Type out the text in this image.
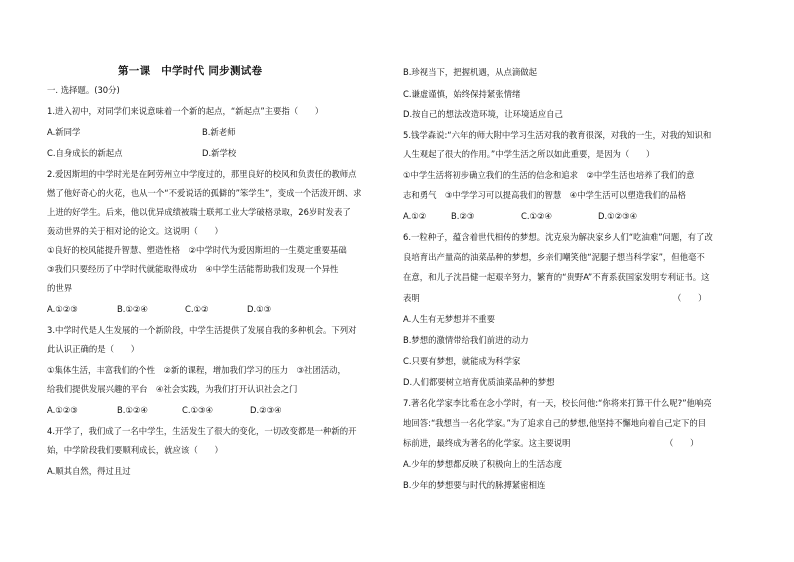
第一课　中学时代 同步测试卷
一. 选择题。(30分)
1.进入初中，对同学们来说意味着一个新的起点，“新起点”主要指（　　）
A.新同学	B.新老师
C.自身成长的新起点	D.新学校
2.爱因斯坦的中学时光是在阿劳州立中学度过的，那里良好的校风和负责任的教师点
燃了他好奇心的火花，也从一个“不爱说话的孤僻的”笨学生”，变成一个活泼开朗、求
上进的好学生。后来，他以优异成绩被瑞士联邦工业大学破格录取，26岁时发表了
轰动世界的关于相对论的论文。这说明（　　）
①良好的校风能提升智慧、塑造性格　②中学时代为爱因斯坦的一生奠定重要基础
③我们只要经历了中学时代就能取得成功　④中学生活能帮助我们发现一个异性
的世界
A.①②③	B.①②④	C.①②	D.①③
3.中学时代是人生发展的一个新阶段，中学生活提供了发展自我的多种机会。下列对
此认识正确的是（　　）
①集体生活，丰富我们的个性　②新的课程，增加我们学习的压力　③社团活动，
给我们提供发展兴趣的平台　④社会实践，为我们打开认识社会之门
A.①②③	B.①②④	C.①③④	D.②③④
4.开学了，我们成了一名中学生，生活发生了很大的变化，一切改变都是一种新的开
始，中学阶段我们要顺利成长，就应该（　　）
A.顺其自然，得过且过
B.珍视当下，把握机遇，从点滴做起
C.谦虚谨慎，始终保持紧张情绪
D.按自己的想法改造环境，让环境适应自己
5.钱学森说:“六年的师大附中学习生活对我的教育很深，对我的一生，对我的知识和
人生观起了很大的作用。”中学生活之所以如此重要，是因为（　　）
①中学生活将初步确立我们的生活的信念和追求　②中学生活也培养了我们的意
志和勇气　③中学学习可以提高我们的智慧　④中学生活可以塑造我们的品格
A.①②	B.②③	C.①②④	D.①②③④
6.一粒种子，蕴含着世代相传的梦想。沈克泉为解决家乡人们“吃油难”问题，有了改
良培育出产量高的油菜品种的梦想，乡亲们嘲笑他“泥腿子想当科学家”，但他毫不
在意，和儿子沈昌健一起艰辛努力，繁育的“贵野A”不育系获国家发明专利证书。这
表明	（　　）
A.人生有无梦想并不重要
B.梦想的激情带给我们前进的动力
C.只要有梦想，就能成为科学家
D.人们都要树立培育优质油菜品种的梦想
7.著名化学家李比希在念小学时，有一天，校长问他:“你将来打算干什么呢?”他响亮
地回答:“我想当一名化学家。”为了追求自己的梦想,他坚持不懈地向着自己定下的目
标前进，最终成为著名的化学家。这主要说明	（　　）
A.少年的梦想都反映了积极向上的生活态度
B.少年的梦想要与时代的脉搏紧密相连
